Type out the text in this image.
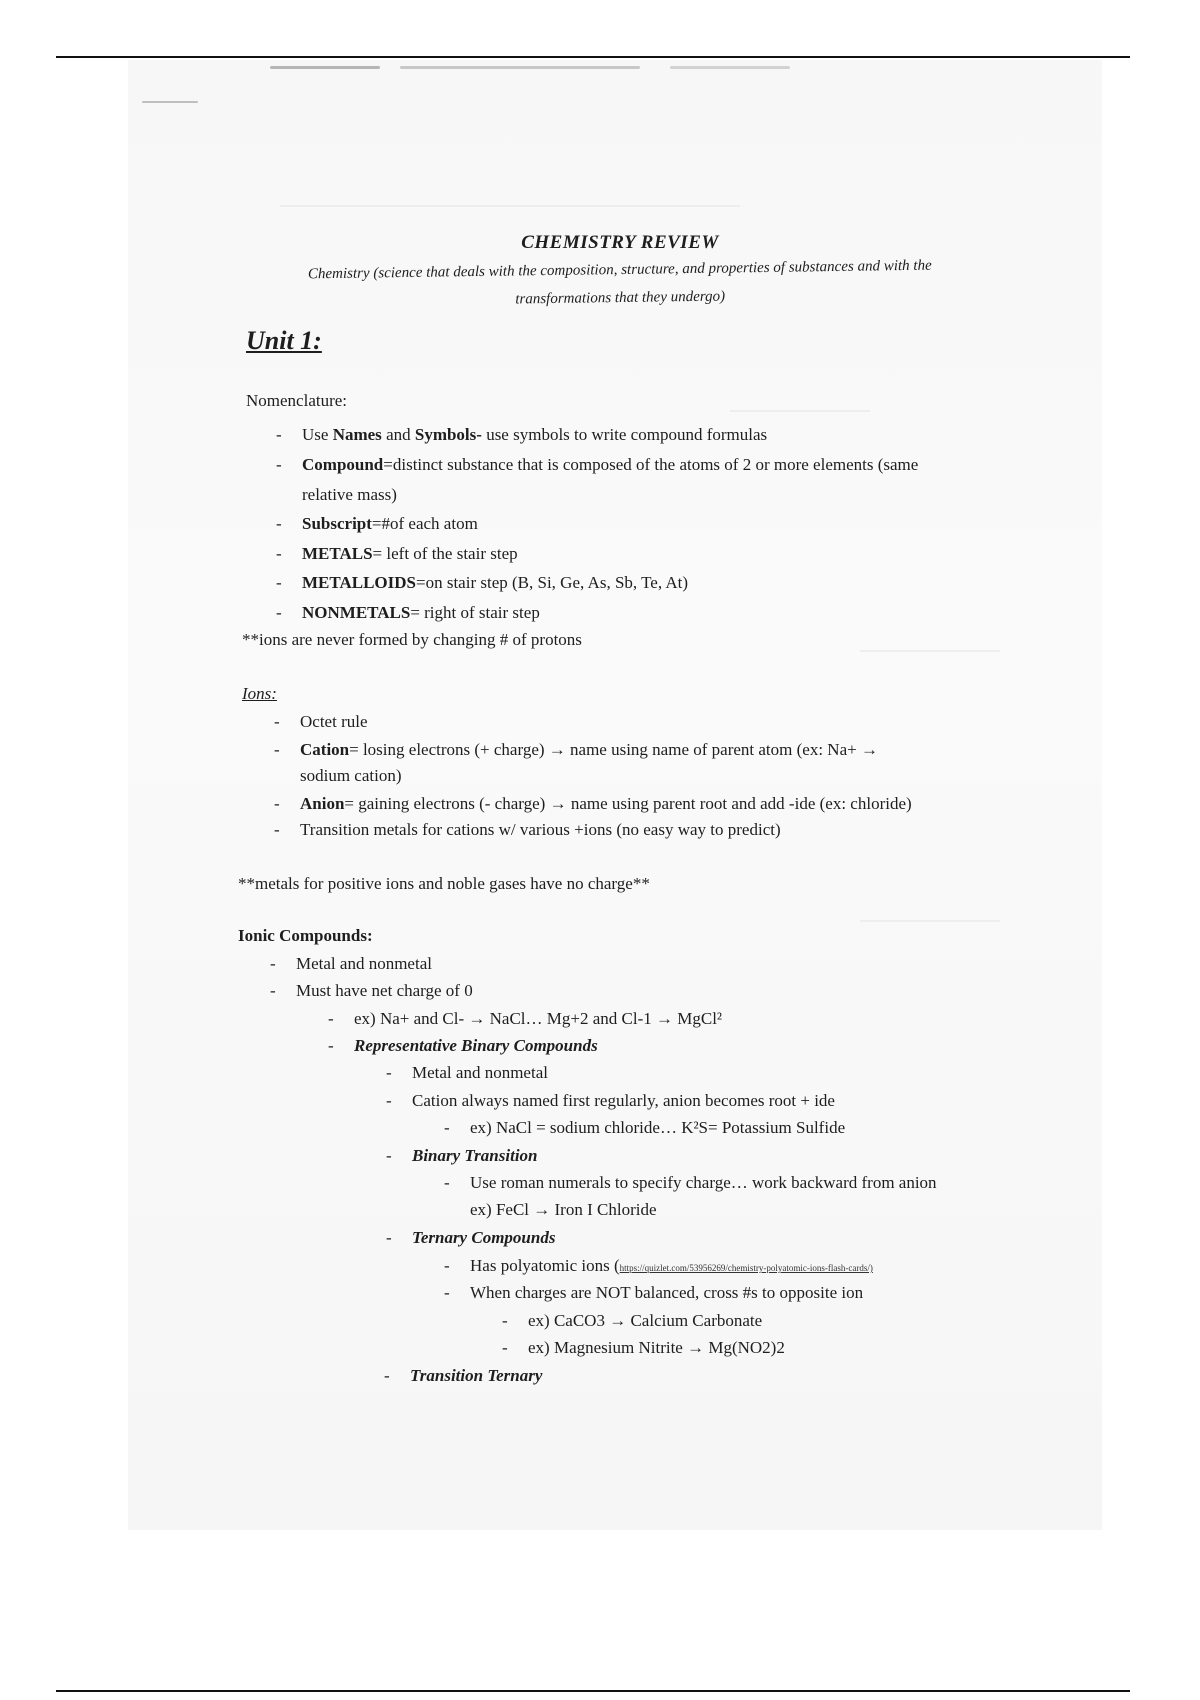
CHEMISTRY REVIEW
Chemistry (science that deals with the composition, structure, and properties of substances and with the transformations that they undergo)
Unit 1:
Nomenclature:
- Use Names and Symbols- use symbols to write compound formulas
- Compound=distinct substance that is composed of the atoms of 2 or more elements (same
relative mass)
- Subscript=#of each atom
- METALS= left of the stair step
- METALLOIDS=on stair step (B, Si, Ge, As, Sb, Te, At)
- NONMETALS= right of stair step
**ions are never formed by changing # of protons
Ions:
- Octet rule
- Cation= losing electrons (+ charge) → name using name of parent atom (ex: Na+ →
sodium cation)
- Anion= gaining electrons (- charge) → name using parent root and add -ide (ex: chloride)
- Transition metals for cations w/ various +ions (no easy way to predict)
**metals for positive ions and noble gases have no charge**
Ionic Compounds:
- Metal and nonmetal
- Must have net charge of 0
- ex) Na+ and Cl- → NaCl… Mg+2 and Cl-1 → MgCl²
- Representative Binary Compounds
- Metal and nonmetal
- Cation always named first regularly, anion becomes root + ide
- ex) NaCl = sodium chloride… K²S= Potassium Sulfide
- Binary Transition
- Use roman numerals to specify charge… work backward from anion
ex) FeCl → Iron I Chloride
- Ternary Compounds
- Has polyatomic ions (https://quizlet.com/53956269/chemistry-polyatomic-ions-flash-cards/)
- When charges are NOT balanced, cross #s to opposite ion
- ex) CaCO3 → Calcium Carbonate
- ex) Magnesium Nitrite → Mg(NO2)2
- Transition Ternary
